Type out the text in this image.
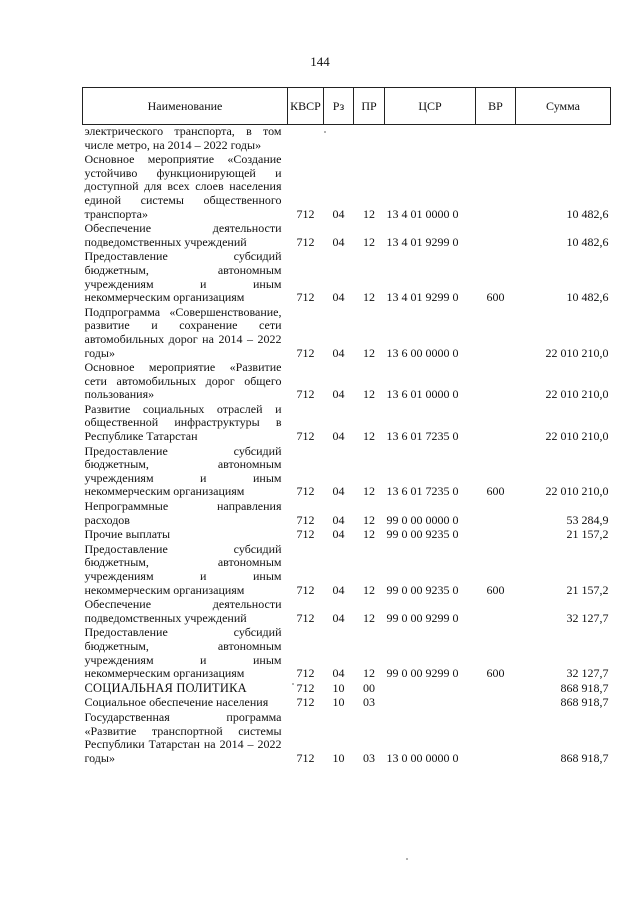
144
Наименование	КВСР	Рз	ПР	ЦСР	ВР	Сумма
электрического транспорта, в том числе метро, на 2014 – 2022 годы»						
Основное мероприятие «Создание устойчиво функционирующей и доступной для всех слоев населения единой системы общественного транспорта»	712	04	12	13 4 01 0000 0		10 482,6
Обеспечение деятельности подведомственных учреждений	712	04	12	13 4 01 9299 0		10 482,6
Предоставление субсидий бюджетным, автономным учреждениям и иным некоммерческим организациям	712	04	12	13 4 01 9299 0	600	10 482,6
Подпрограмма «Совершенствование, развитие и сохранение сети автомобильных дорог на 2014 – 2022 годы»	712	04	12	13 6 00 0000 0		22 010 210,0
Основное мероприятие «Развитие сети автомобильных дорог общего пользования»	712	04	12	13 6 01 0000 0		22 010 210,0
Развитие социальных отраслей и общественной инфраструктуры в Республике Татарстан	712	04	12	13 6 01 7235 0		22 010 210,0
Предоставление субсидий бюджетным, автономным учреждениям и иным некоммерческим организациям	712	04	12	13 6 01 7235 0	600	22 010 210,0
Непрограммные направления расходов	712	04	12	99 0 00 0000 0		53 284,9
Прочие выплаты	712	04	12	99 0 00 9235 0		21 157,2
Предоставление субсидий бюджетным, автономным учреждениям и иным некоммерческим организациям	712	04	12	99 0 00 9235 0	600	21 157,2
Обеспечение деятельности подведомственных учреждений	712	04	12	99 0 00 9299 0		32 127,7
Предоставление субсидий бюджетным, автономным учреждениям и иным некоммерческим организациям	712	04	12	99 0 00 9299 0	600	32 127,7
СОЦИАЛЬНАЯ ПОЛИТИКА	712	10	00			868 918,7
Социальное обеспечение населения	712	10	03			868 918,7
Государственная программа «Развитие транспортной системы Республики Татарстан на 2014 – 2022 годы»	712	10	03	13 0 00 0000 0		868 918,7
